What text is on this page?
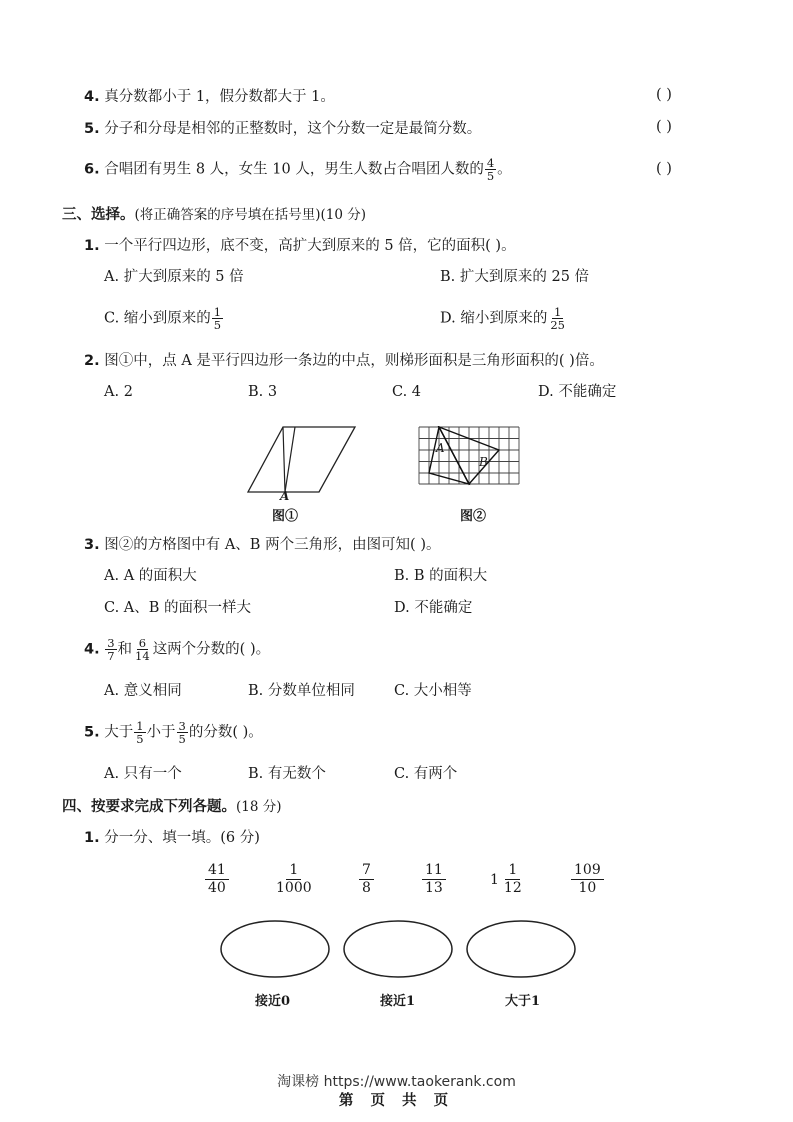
4. 真分数都小于 1，假分数都大于 1。	( )
5. 分子和分母是相邻的正整数时，这个分数一定是最简分数。	( )
6. 合唱团有男生 8 人，女生 10 人，男生人数占合唱团人数的 $\frac{4}{5}$ 。	( )
三、选择。(将正确答案的序号填在括号里)(10 分)
1. 一个平行四边形，底不变，高扩大到原来的 5 倍，它的面积( )。
A. 扩大到原来的 5 倍	B. 扩大到原来的 25 倍
C. 缩小到原来的 $\frac{1}{5}$	D. 缩小到原来的 $\frac{1}{25}$
2. 图①中，点 A 是平行四边形一条边的中点，则梯形面积是三角形面积的( )倍。
A. 2	B. 3	C. 4	D. 不能确定
A
图①
A
B
图②
3. 图②的方格图中有 A、B 两个三角形，由图可知( )。
A. A 的面积大	B. B 的面积大
C. A、B 的面积一样大	D. 不能确定
4. $\frac{3}{7}$ 和 $\frac{6}{14}$ 这两个分数的( )。
A. 意义相同	B. 分数单位相同	C. 大小相等
5. 大于 $\frac{1}{5}$ 小于 $\frac{3}{5}$ 的分数( )。
A. 只有一个	B. 有无数个	C. 有两个
四、按要求完成下列各题。(18 分)
1. 分一分、填一填。(6 分)
$\frac{41}{40}$	$\frac{1}{1000}$	$\frac{7}{8}$	$\frac{11}{13}$	$1 \frac{1}{12}$	$\frac{109}{10}$
接近0	接近1	大于1
淘课榜 https://www.taokerank.com
第 页 共 页
